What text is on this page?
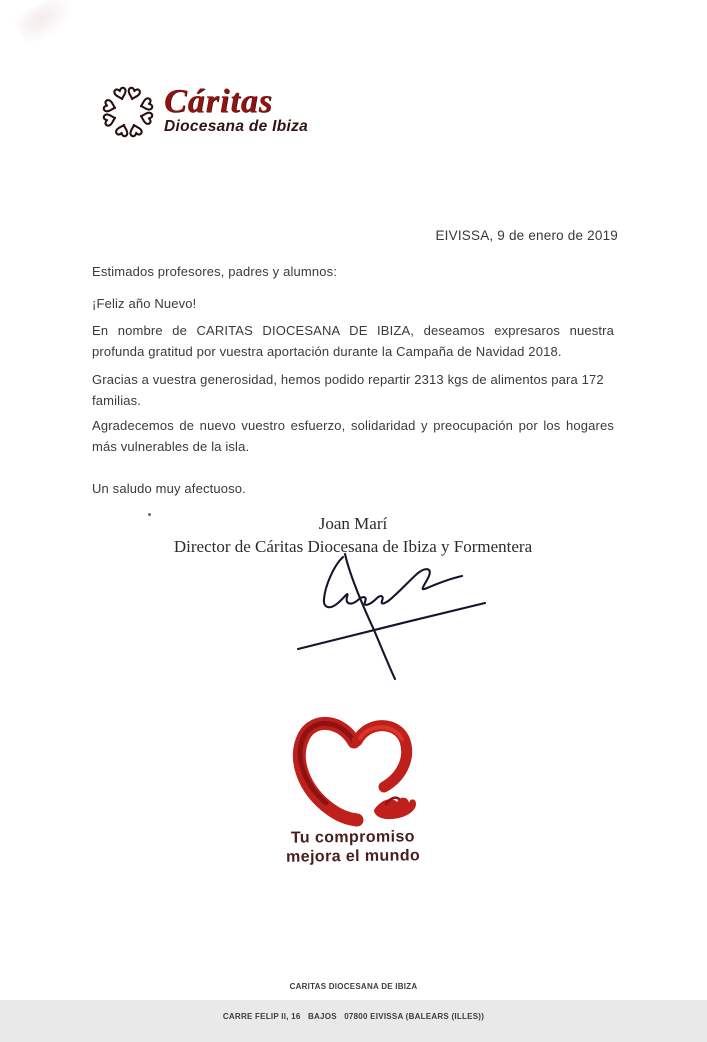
Cáritas
Diocesana de Ibiza
EIVISSA, 9 de enero de 2019
Estimados profesores, padres y alumnos:
¡Feliz año Nuevo!
En nombre de CARITAS DIOCESANA DE IBIZA, deseamos expresaros nuestra profunda gratitud por vuestra aportación durante la Campaña de Navidad 2018.
Gracias a vuestra generosidad, hemos podido repartir 2313 kgs de alimentos para 172 familias.
Agradecemos de nuevo vuestro esfuerzo, solidaridad y preocupación por los hogares más vulnerables de la isla.
Un saludo muy afectuoso.
Joan Marí
Director de Cáritas Diocesana de Ibiza y Formentera
Tu compromiso
mejora el mundo

CARITAS DIOCESANA DE IBIZA

CARRE FELIP II, 16   BAJOS   07800 EIVISSA (BALEARS (ILLES))
